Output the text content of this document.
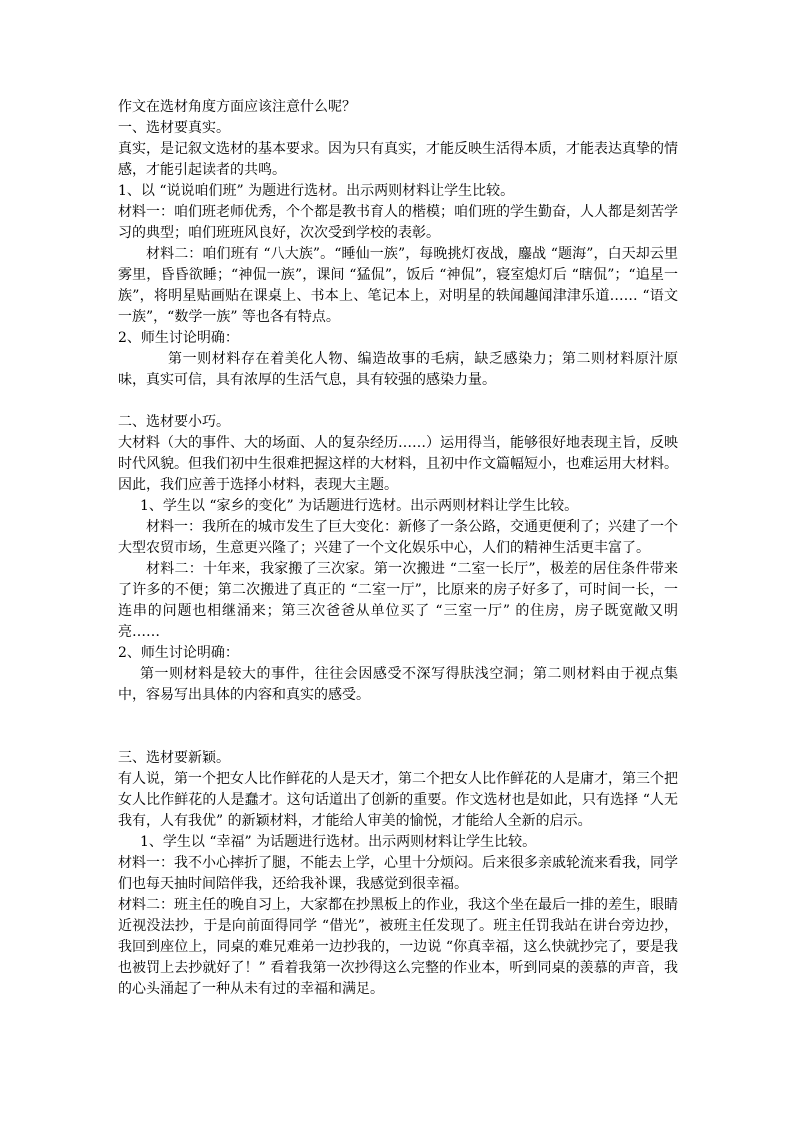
作文在选材角度方面应该注意什么呢？
一、选材要真实。

真实，是记叙文选材的基本要求。因为只有真实，才能反映生活得本质，才能表达真挚的情感，才能引起读者的共鸣。

1、以 “说说咱们班” 为题进行选材。出示两则材料让学生比较。

材料一：咱们班老师优秀，个个都是教书育人的楷模；咱们班的学生勤奋，人人都是刻苦学习的典型；咱们班班风良好，次次受到学校的表彰。

材料二：咱们班有 “八大族”。“睡仙一族”，每晚挑灯夜战，鏖战 “题海”，白天却云里雾里，昏昏欲睡；“神侃一族”，课间 “猛侃”，饭后 “神侃”，寝室熄灯后 “瞎侃”；“追星一族”，将明星贴画贴在课桌上、书本上、笔记本上，对明星的轶闻趣闻津津乐道…… “语文一族”，“数学一族” 等也各有特点。

2、师生讨论明确：

第一则材料存在着美化人物、编造故事的毛病，缺乏感染力；第二则材料原汁原味，真实可信，具有浓厚的生活气息，具有较强的感染力量。

二、选材要小巧。

大材料（大的事件、大的场面、人的复杂经历……）运用得当，能够很好地表现主旨，反映时代风貌。但我们初中生很难把握这样的大材料，且初中作文篇幅短小，也难运用大材料。因此，我们应善于选择小材料，表现大主题。

1、学生以 “家乡的变化” 为话题进行选材。出示两则材料让学生比较。

材料一：我所在的城市发生了巨大变化：新修了一条公路，交通更便利了；兴建了一个大型农贸市场，生意更兴隆了；兴建了一个文化娱乐中心，人们的精神生活更丰富了。

材料二：十年来，我家搬了三次家。第一次搬进 “二室一长厅”，极差的居住条件带来了许多的不便；第二次搬进了真正的 “二室一厅”，比原来的房子好多了，可时间一长，一连串的问题也相继涌来；第三次爸爸从单位买了 “三室一厅” 的住房，房子既宽敞又明亮……

2、师生讨论明确：

第一则材料是较大的事件，往往会因感受不深写得肤浅空洞；第二则材料由于视点集中，容易写出具体的内容和真实的感受。

三、选材要新颖。

有人说，第一个把女人比作鲜花的人是天才，第二个把女人比作鲜花的人是庸才，第三个把女人比作鲜花的人是蠢才。这句话道出了创新的重要。作文选材也是如此，只有选择 “人无我有，人有我优” 的新颖材料，才能给人审美的愉悦，才能给人全新的启示。

1、学生以 “幸福” 为话题进行选材。出示两则材料让学生比较。

材料一：我不小心摔折了腿，不能去上学，心里十分烦闷。后来很多亲戚轮流来看我，同学们也每天抽时间陪伴我，还给我补课，我感觉到很幸福。

材料二：班主任的晚自习上，大家都在抄黑板上的作业，我这个坐在最后一排的差生，眼睛近视没法抄，于是向前面得同学 “借光”，被班主任发现了。班主任罚我站在讲台旁边抄，我回到座位上，同桌的难兄难弟一边抄我的，一边说 “你真幸福，这么快就抄完了，要是我也被罚上去抄就好了！” 看着我第一次抄得这么完整的作业本，听到同桌的羡慕的声音，我的心头涌起了一种从未有过的幸福和满足。
